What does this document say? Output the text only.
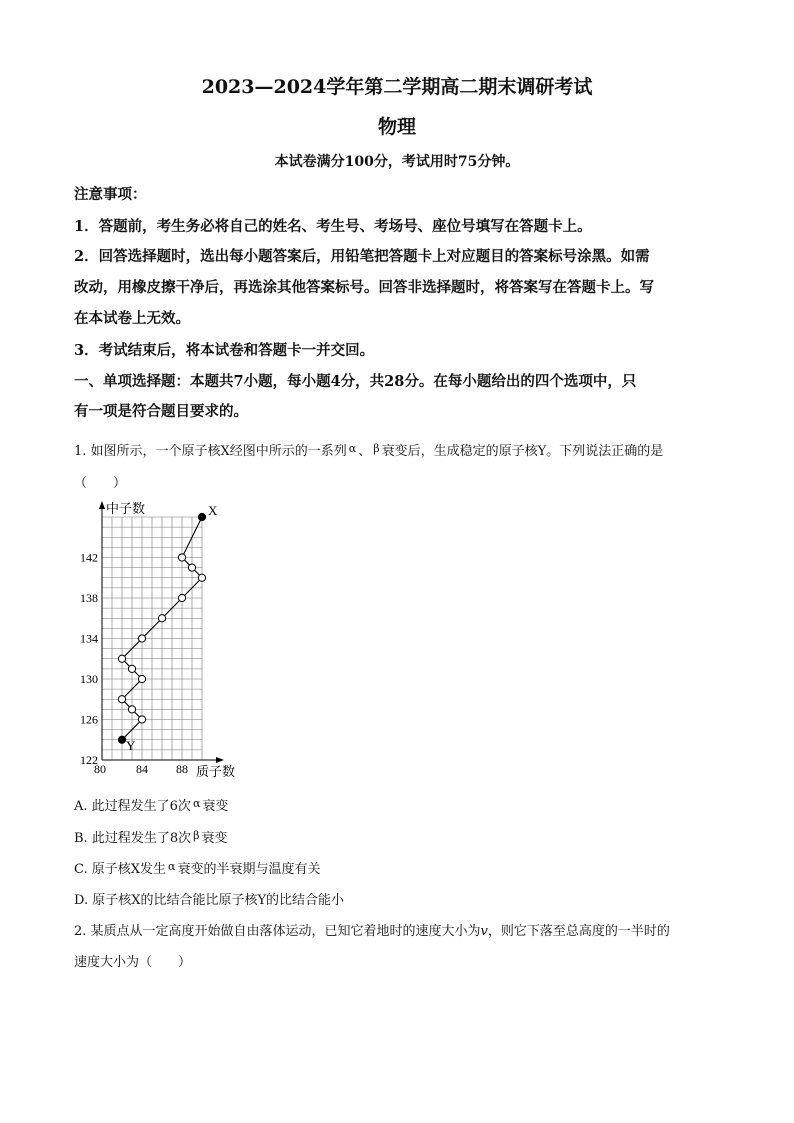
2023—2024学年第二学期高二期末调研考试
物理
本试卷满分100分，考试用时75分钟。
注意事项：
1．答题前，考生务必将自己的姓名、考生号、考场号、座位号填写在答题卡上。
2．回答选择题时，选出每小题答案后，用铅笔把答题卡上对应题目的答案标号涂黑。如需
改动，用橡皮擦干净后，再选涂其他答案标号。回答非选择题时，将答案写在答题卡上。写
在本试卷上无效。
3．考试结束后，将本试卷和答题卡一并交回。
一、单项选择题：本题共7小题，每小题4分，共28分。在每小题给出的四个选项中，只
有一项是符合题目要求的。
1. 如图所示，一个原子核X经图中所示的一系列 $^\alpha$ 、 $^\beta$ 衰变后，生成稳定的原子核Y。下列说法正确的是
（　　）
中子数
质子数
122
126
130
134
138
142
80	84 88
X
Y
A. 此过程发生了6次 $^\alpha$ 衰变
B. 此过程发生了8次 $^\beta$ 衰变
C. 原子核X发生 $^\alpha$ 衰变的半衰期与温度有关
D. 原子核X的比结合能比原子核Y的比结合能小
2. 某质点从一定高度开始做自由落体运动，已知它着地时的速度大小为v，则它下落至总高度的一半时的
速度大小为（　　）
